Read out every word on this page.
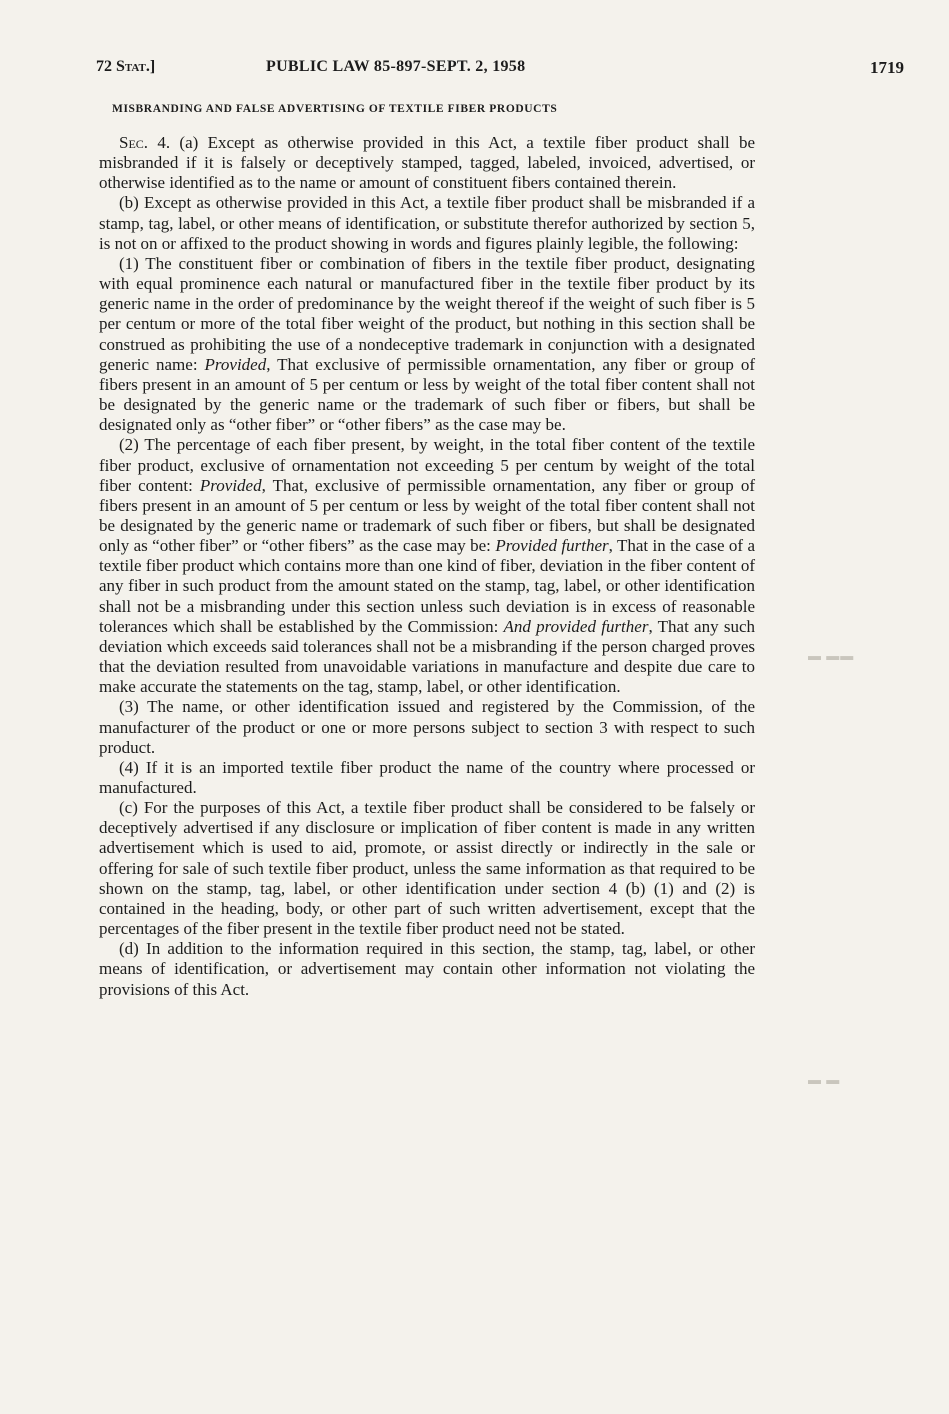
72 Stat.]	PUBLIC LAW 85-897-SEPT. 2, 1958	1719
MISBRANDING AND FALSE ADVERTISING OF TEXTILE FIBER PRODUCTS

Sec. 4. (a) Except as otherwise provided in this Act, a textile fiber product shall be misbranded if it is falsely or deceptively stamped, tagged, labeled, invoiced, advertised, or otherwise identified as to the name or amount of constituent fibers contained therein.

(b) Except as otherwise provided in this Act, a textile fiber product shall be misbranded if a stamp, tag, label, or other means of identification, or substitute therefor authorized by section 5, is not on or affixed to the product showing in words and figures plainly legible, the following:

(1) The constituent fiber or combination of fibers in the textile fiber product, designating with equal prominence each natural or manufactured fiber in the textile fiber product by its generic name in the order of predominance by the weight thereof if the weight of such fiber is 5 per centum or more of the total fiber weight of the product, but nothing in this section shall be construed as prohibiting the use of a nondeceptive trademark in conjunction with a designated generic name: Provided, That exclusive of permissible ornamentation, any fiber or group of fibers present in an amount of 5 per centum or less by weight of the total fiber content shall not be designated by the generic name or the trademark of such fiber or fibers, but shall be designated only as “other fiber” or “other fibers” as the case may be.

(2) The percentage of each fiber present, by weight, in the total fiber content of the textile fiber product, exclusive of ornamentation not exceeding 5 per centum by weight of the total fiber content: Provided, That, exclusive of permissible ornamentation, any fiber or group of fibers present in an amount of 5 per centum or less by weight of the total fiber content shall not be designated by the generic name or trademark of such fiber or fibers, but shall be designated only as “other fiber” or “other fibers” as the case may be: Provided further, That in the case of a textile fiber product which contains more than one kind of fiber, deviation in the fiber content of any fiber in such product from the amount stated on the stamp, tag, label, or other identification shall not be a misbranding under this section unless such deviation is in excess of reasonable tolerances which shall be established by the Commission: And provided further, That any such deviation which exceeds said tolerances shall not be a misbranding if the person charged proves that the deviation resulted from unavoidable variations in manufacture and despite due care to make accurate the statements on the tag, stamp, label, or other identification.

(3) The name, or other identification issued and registered by the Commission, of the manufacturer of the product or one or more persons subject to section 3 with respect to such product.

(4) If it is an imported textile fiber product the name of the country where processed or manufactured.

(c) For the purposes of this Act, a textile fiber product shall be considered to be falsely or deceptively advertised if any disclosure or implication of fiber content is made in any written advertisement which is used to aid, promote, or assist directly or indirectly in the sale or offering for sale of such textile fiber product, unless the same information as that required to be shown on the stamp, tag, label, or other identification under section 4 (b) (1) and (2) is contained in the heading, body, or other part of such written advertisement, except that the percentages of the fiber present in the textile fiber product need not be stated.

(d) In addition to the information required in this section, the stamp, tag, label, or other means of identification, or advertisement may contain other information not violating the provisions of this Act.

▬ ▬▬
▬ ▬
